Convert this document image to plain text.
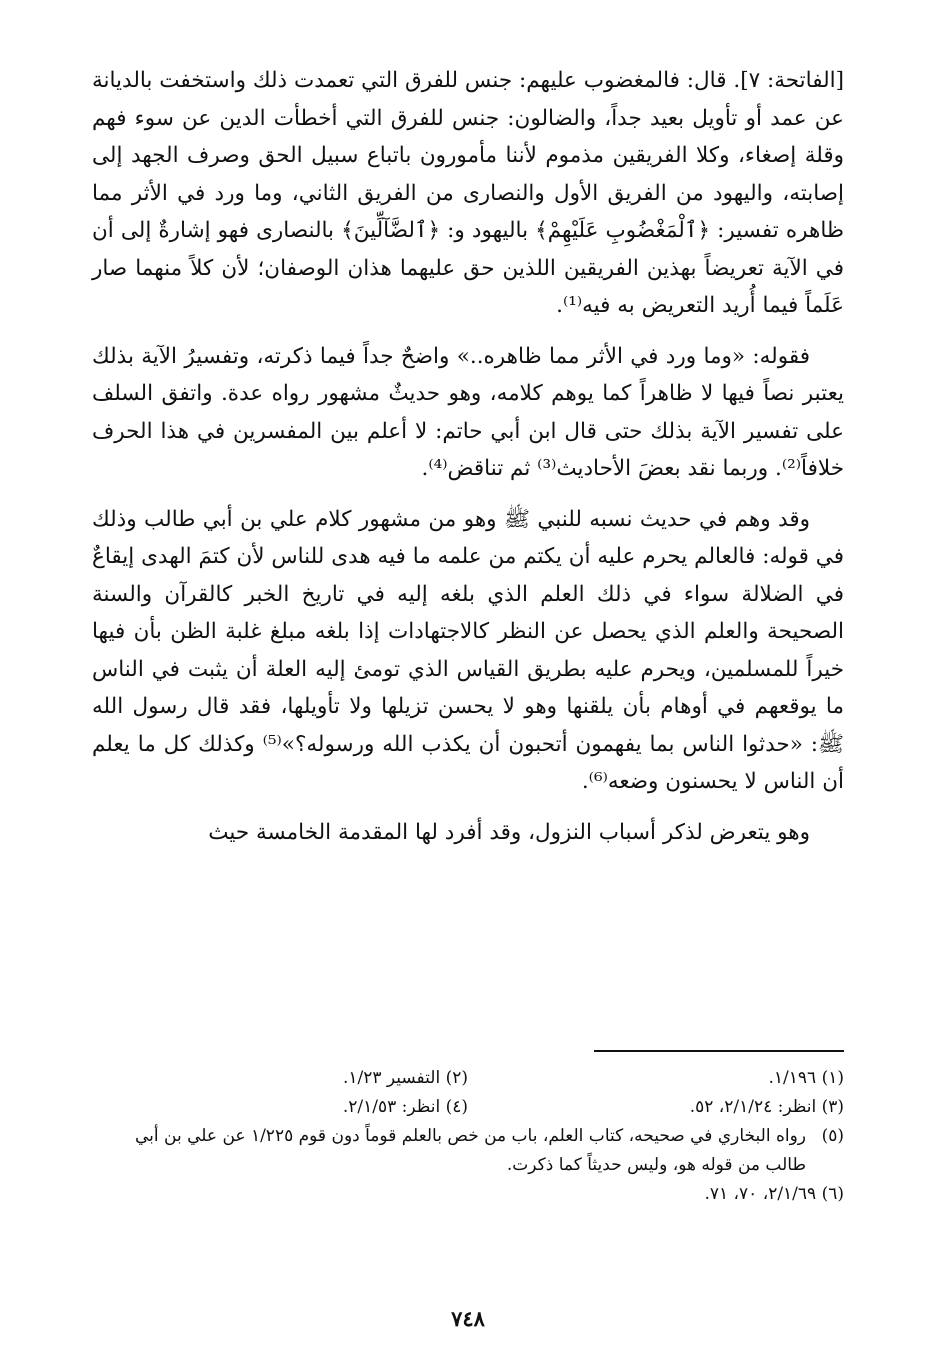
[الفاتحة: ٧]. قال: فالمغضوب عليهم: جنس للفرق التي تعمدت ذلك واستخفت بالديانة عن عمد أو تأويل بعيد جداً، والضالون: جنس للفرق التي أخطأت الدين عن سوء فهم وقلة إصغاء، وكلا الفريقين مذموم لأننا مأمورون باتباع سبيل الحق وصرف الجهد إلى إصابته، واليهود من الفريق الأول والنصارى من الفريق الثاني، وما ورد في الأثر مما ظاهره تفسير: ﴿ٱلْمَغْضُوبِ عَلَيْهِمْ﴾ باليهود و: ﴿ٱلضَّآلِّينَ﴾ بالنصارى فهو إشارةٌ إلى أن في الآية تعريضاً بهذين الفريقين اللذين حق عليهما هذان الوصفان؛ لأن كلاً منهما صار عَلَماً فيما أُريد التعريض به فيه⁽¹⁾.

فقوله: «وما ورد في الأثر مما ظاهره..» واضحٌ جداً فيما ذكرته، وتفسيرُ الآية بذلك يعتبر نصاً فيها لا ظاهراً كما يوهم كلامه، وهو حديثٌ مشهور رواه عدة. واتفق السلف على تفسير الآية بذلك حتى قال ابن أبي حاتم: لا أعلم بين المفسرين في هذا الحرف خلافاً⁽²⁾. وربما نقد بعضَ الأحاديث⁽³⁾ ثم تناقض⁽⁴⁾.

وقد وهم في حديث نسبه للنبي ﷺ وهو من مشهور كلام علي بن أبي طالب وذلك في قوله: فالعالم يحرم عليه أن يكتم من علمه ما فيه هدى للناس لأن كتمَ الهدى إيقاعٌ في الضلالة سواء في ذلك العلم الذي بلغه إليه في تاريخ الخبر كالقرآن والسنة الصحيحة والعلم الذي يحصل عن النظر كالاجتهادات إذا بلغه مبلغ غلبة الظن بأن فيها خيراً للمسلمين، ويحرم عليه بطريق القياس الذي تومئ إليه العلة أن يثبت في الناس ما يوقعهم في أوهام بأن يلقنها وهو لا يحسن تزيلها ولا تأويلها، فقد قال رسول الله ﷺ: «حدثوا الناس بما يفهمون أتحبون أن يكذب الله ورسوله؟»⁽⁵⁾ وكذلك كل ما يعلم أن الناس لا يحسنون وضعه⁽⁶⁾.

وهو يتعرض لذكر أسباب النزول، وقد أفرد لها المقدمة الخامسة حيث

(١) ١/١٩٦.
(٢) التفسير ١/٢٣.
(٣) انظر: ٢/١/٢٤، ٥٢.
(٤) انظر: ٢/١/٥٣.
(٥)
رواه البخاري في صحيحه، كتاب العلم، باب من خص بالعلم قوماً دون قوم ١/٢٢٥ عن علي بن أبي طالب من قوله هو، وليس حديثاً كما ذكرت.
(٦) ٢/١/٦٩، ٧٠، ٧١.
٧٤٨
